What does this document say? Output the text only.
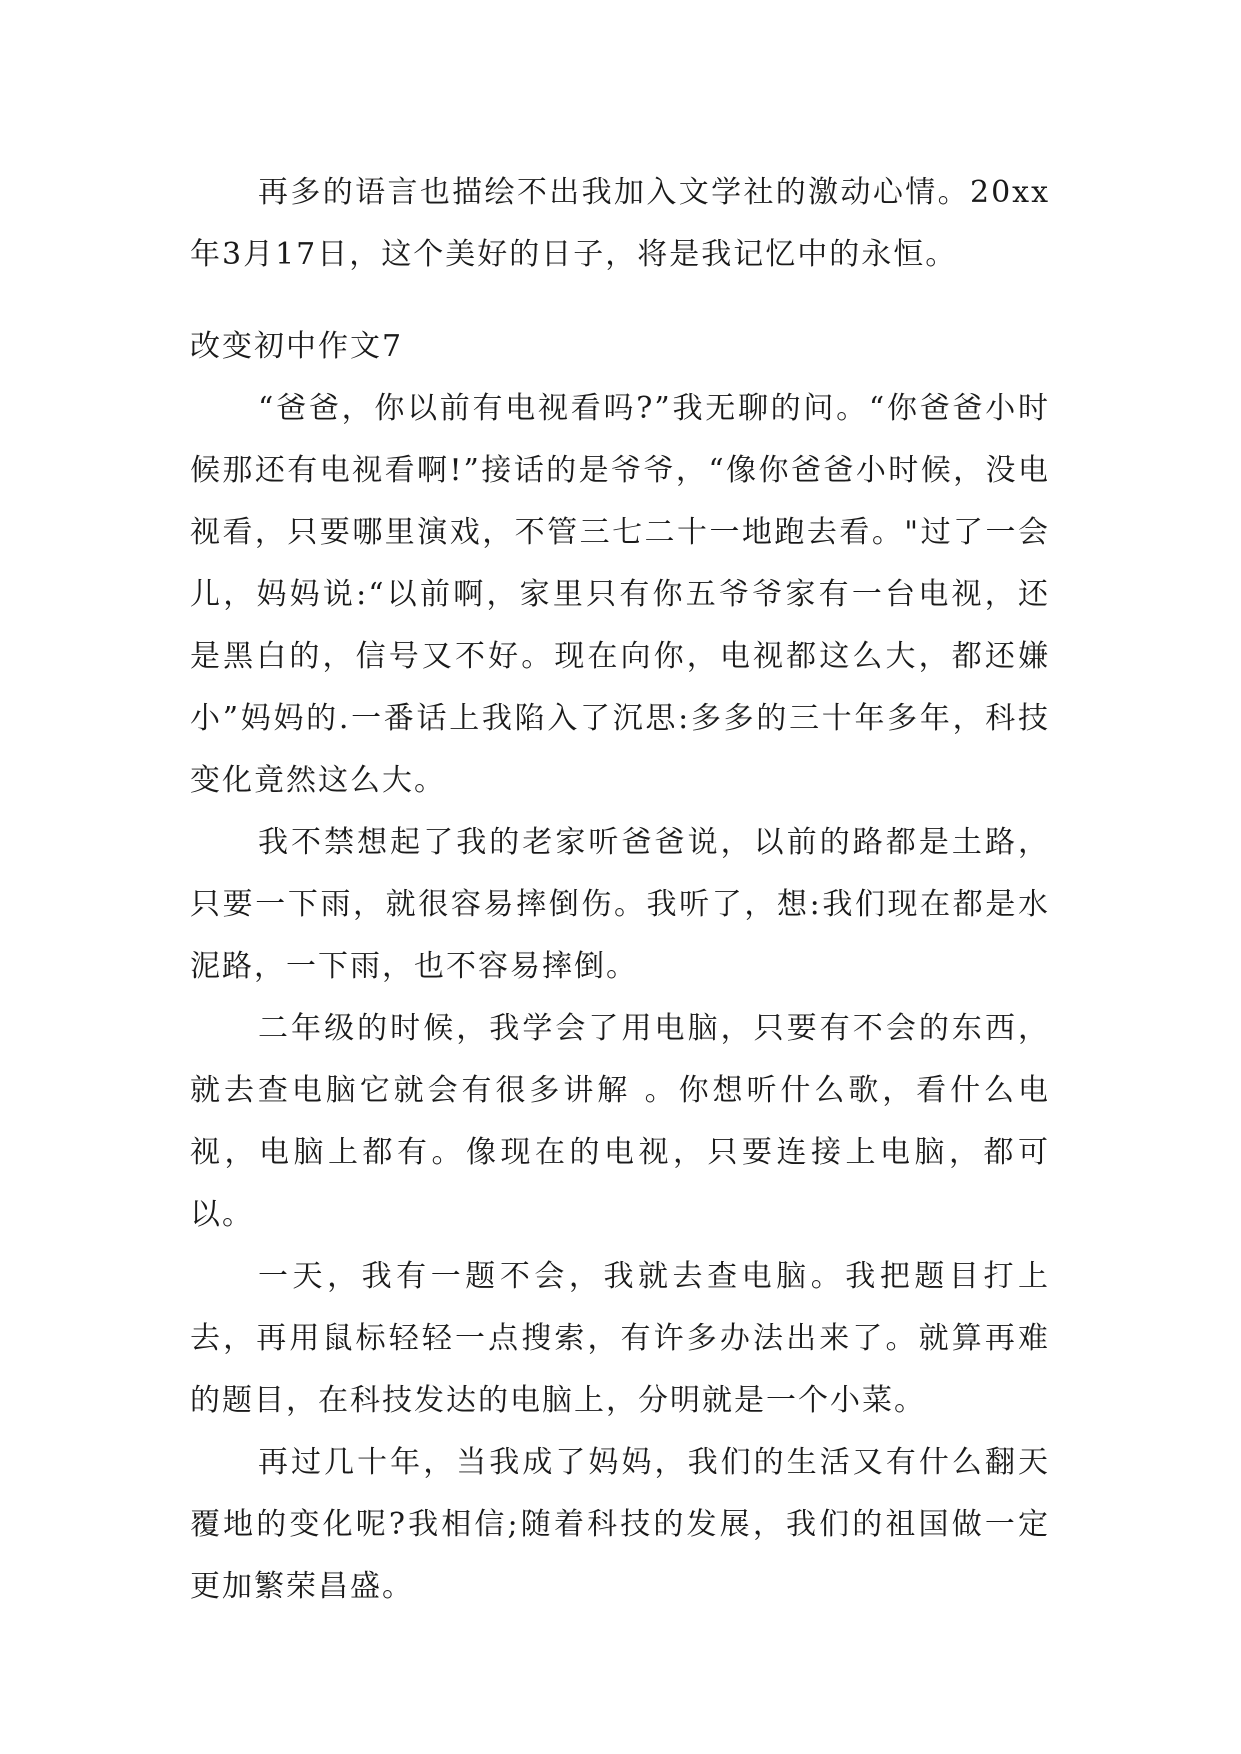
再多的语言也描绘不出我加入文学社的激动心情。20xx年3月17日，这个美好的日子，将是我记忆中的永恒。

改变初中作文7

“爸爸，你以前有电视看吗?”我无聊的问。“你爸爸小时候那还有电视看啊!”接话的是爷爷，“像你爸爸小时候，没电视看，只要哪里演戏，不管三七二十一地跑去看。"过了一会儿，妈妈说:“以前啊，家里只有你五爷爷家有一台电视，还是黑白的，信号又不好。现在向你，电视都这么大，都还嫌小”妈妈的.一番话上我陷入了沉思:多多的三十年多年，科技变化竟然这么大。

我不禁想起了我的老家听爸爸说，以前的路都是土路，只要一下雨，就很容易摔倒伤。我听了，想:我们现在都是水泥路，一下雨，也不容易摔倒。

二年级的时候，我学会了用电脑，只要有不会的东西，就去查电脑它就会有很多讲解 。你想听什么歌，看什么电视，电脑上都有。像现在的电视，只要连接上电脑，都可以。

一天，我有一题不会，我就去查电脑。我把题目打上去，再用鼠标轻轻一点搜索，有许多办法出来了。就算再难的题目，在科技发达的电脑上，分明就是一个小菜。

再过几十年，当我成了妈妈，我们的生活又有什么翻天覆地的变化呢?我相信;随着科技的发展，我们的祖国做一定更加繁荣昌盛。
